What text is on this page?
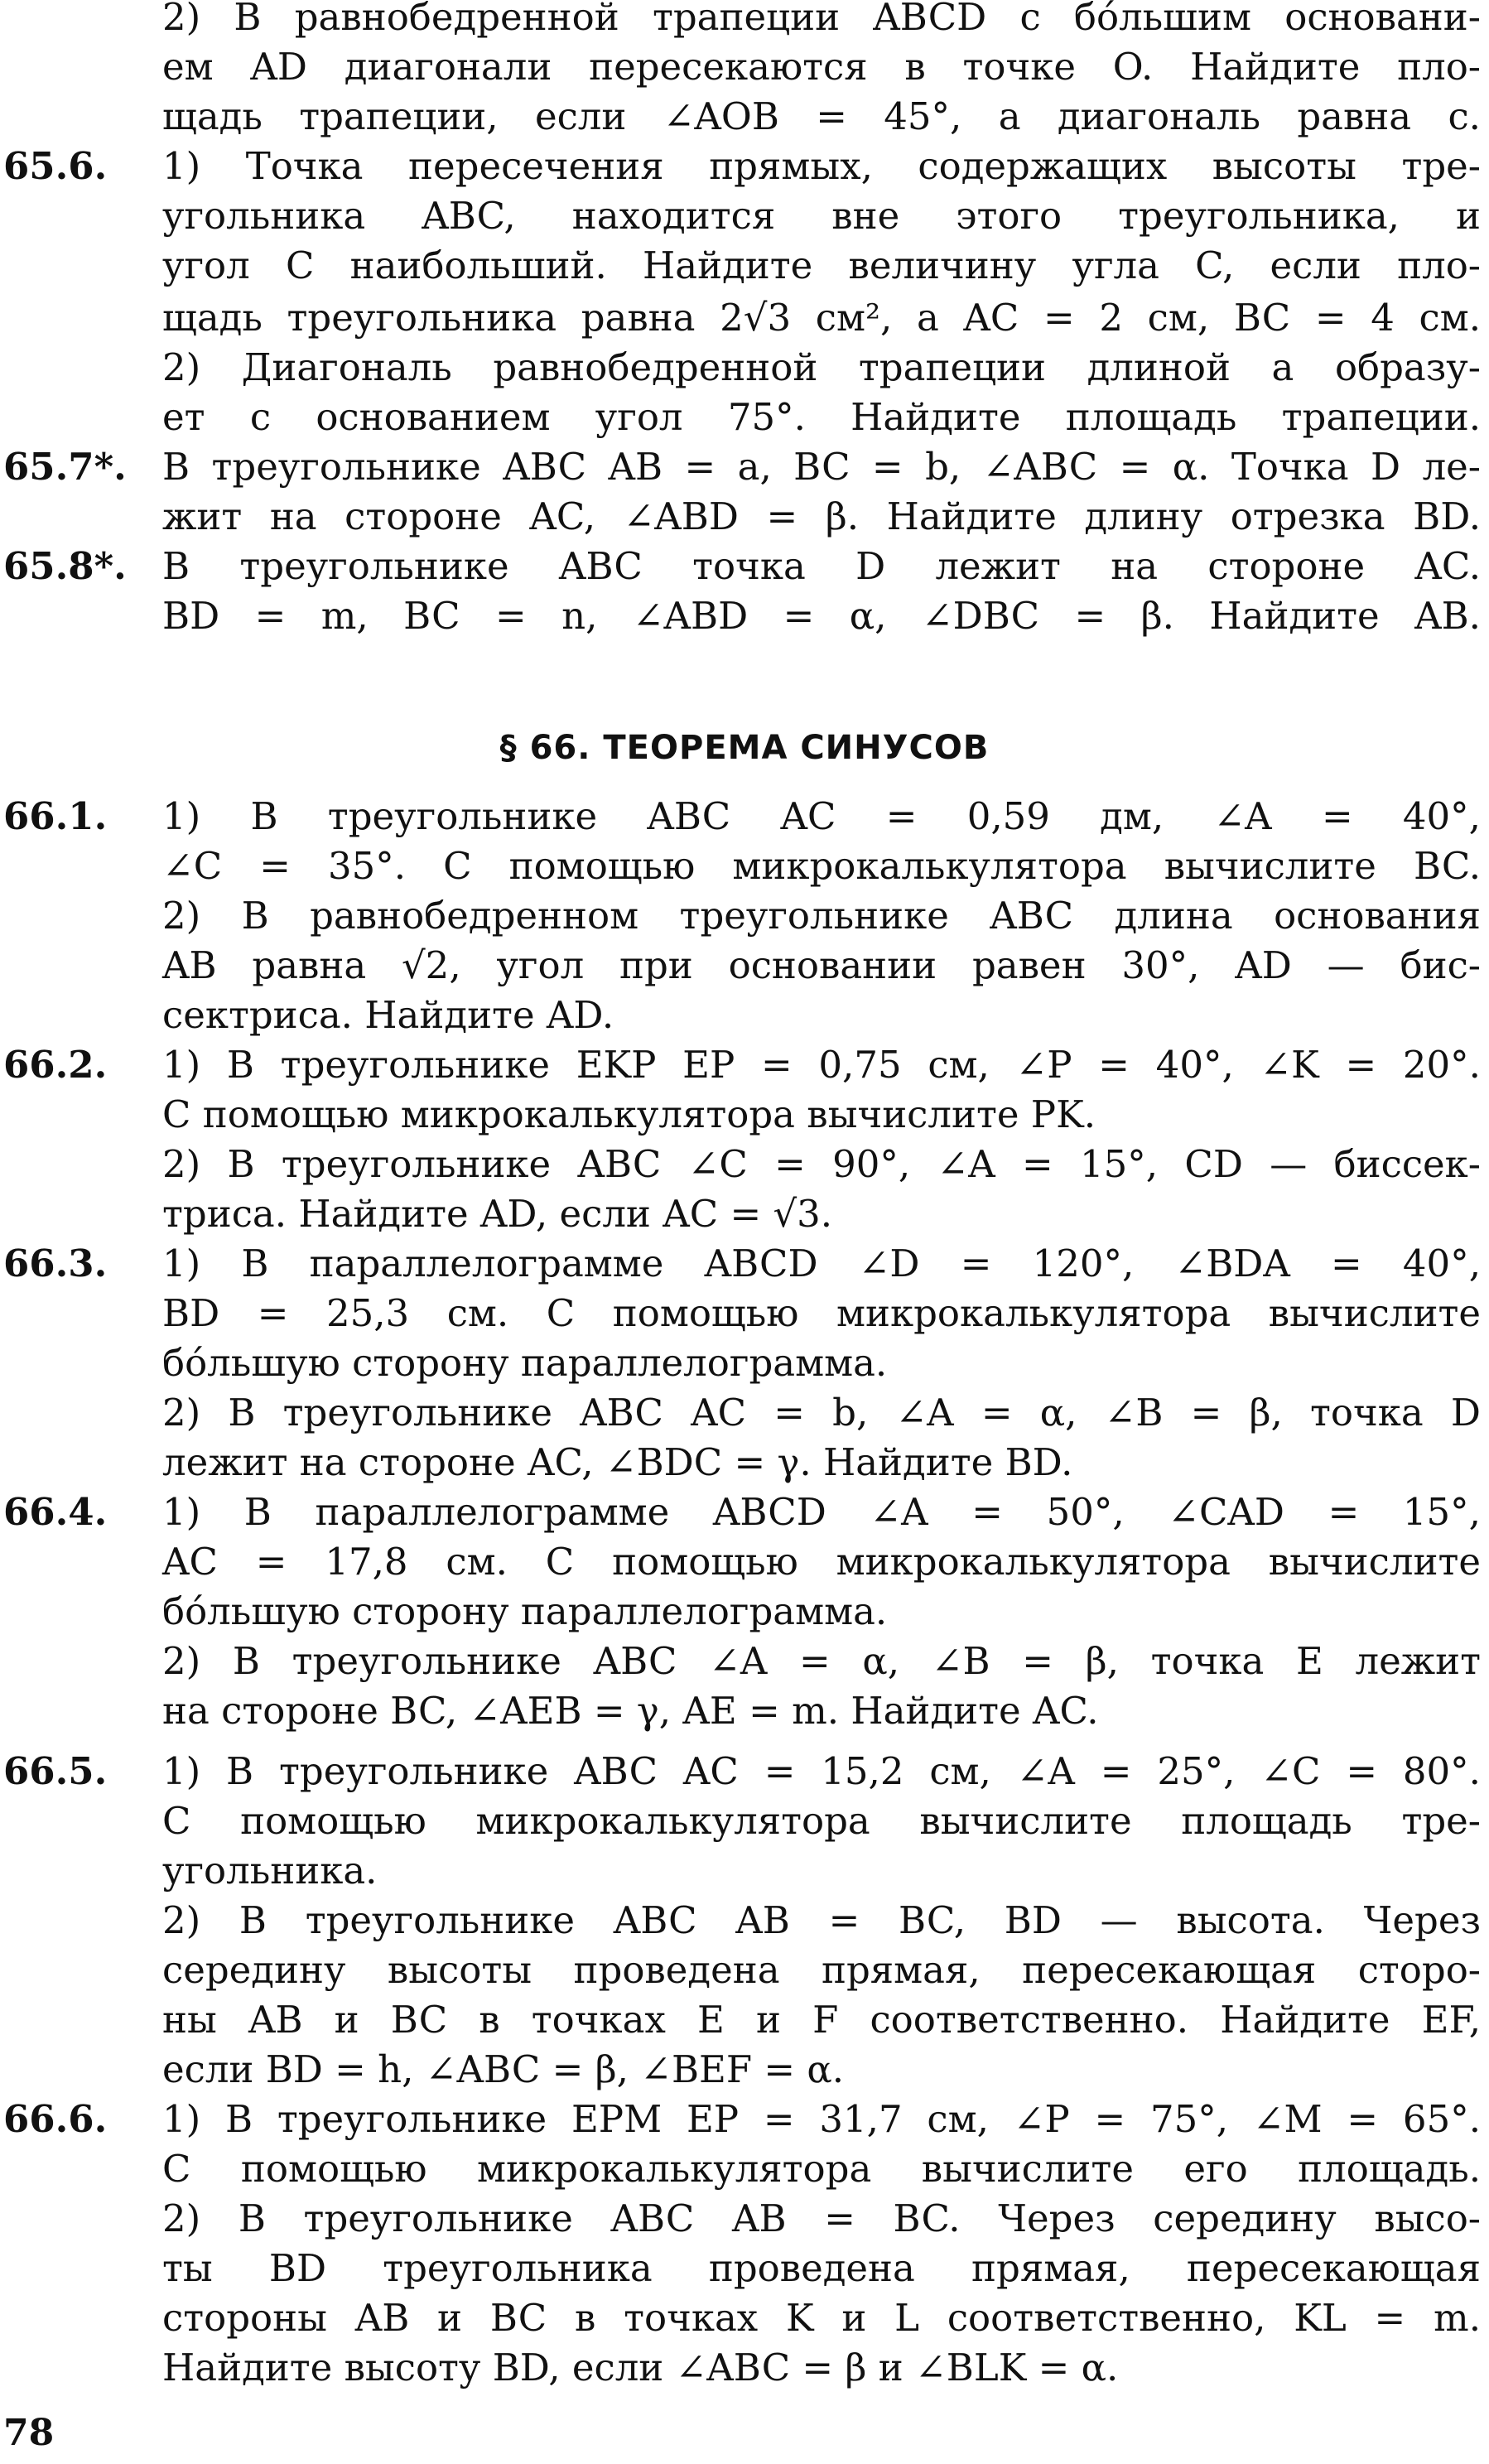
2) В равнобедренной трапеции ABCD с бо́льшим основани-
ем AD диагонали пересекаются в точке O. Найдите пло-
щадь трапеции, если ∠AOB = 45°, а диагональ равна c.
65.6. 1) Точка пересечения прямых, содержащих высоты тре-
угольника ABC, находится вне этого треугольника, и
угол C наибольший. Найдите величину угла C, если пло-
щадь треугольника равна 2√3 см², а AC = 2 см, BC = 4 см.
2) Диагональ равнобедренной трапеции длиной a образу-
ет с основанием угол 75°. Найдите площадь трапеции.
65.7*. В треугольнике ABC AB = a, BC = b, ∠ABC = α. Точка D ле-
жит на стороне AC, ∠ABD = β. Найдите длину отрезка BD.
65.8*. В треугольнике ABC точка D лежит на стороне AC.
BD = m, BC = n, ∠ABD = α, ∠DBC = β. Найдите AB.
§ 66. ТЕОРЕМА СИНУСОВ
66.1. 1) В треугольнике ABC AC = 0,59 дм, ∠A = 40°,
∠C = 35°. С помощью микрокалькулятора вычислите BC.
2) В равнобедренном треугольнике ABC длина основания
AB равна √2, угол при основании равен 30°, AD — бис-
сектриса. Найдите AD.
66.2. 1) В треугольнике EKP EP = 0,75 см, ∠P = 40°, ∠K = 20°.
С помощью микрокалькулятора вычислите PK.
2) В треугольнике ABC ∠C = 90°, ∠A = 15°, CD — биссек-
триса. Найдите AD, если AC = √3.
66.3. 1) В параллелограмме ABCD ∠D = 120°, ∠BDA = 40°,
BD = 25,3 см. С помощью микрокалькулятора вычислите
бо́льшую сторону параллелограмма.
2) В треугольнике ABC AC = b, ∠A = α, ∠B = β, точка D
лежит на стороне AC, ∠BDC = γ. Найдите BD.
66.4. 1) В параллелограмме ABCD ∠A = 50°, ∠CAD = 15°,
AC = 17,8 см. С помощью микрокалькулятора вычислите
бо́льшую сторону параллелограмма.
2) В треугольнике ABC ∠A = α, ∠B = β, точка E лежит
на стороне BC, ∠AEB = γ, AE = m. Найдите AC.
66.5. 1) В треугольнике ABC AC = 15,2 см, ∠A = 25°, ∠C = 80°.
С помощью микрокалькулятора вычислите площадь тре-
угольника.
2) В треугольнике ABC AB = BC, BD — высота. Через
середину высоты проведена прямая, пересекающая сторо-
ны AB и BC в точках E и F соответственно. Найдите EF,
если BD = h, ∠ABC = β, ∠BEF = α.
66.6. 1) В треугольнике EPM EP = 31,7 см, ∠P = 75°, ∠M = 65°.
С помощью микрокалькулятора вычислите его площадь.
2) В треугольнике ABC AB = BC. Через середину высо-
ты BD треугольника проведена прямая, пересекающая
стороны AB и BC в точках K и L соответственно, KL = m.
Найдите высоту BD, если ∠ABC = β и ∠BLK = α.
78
